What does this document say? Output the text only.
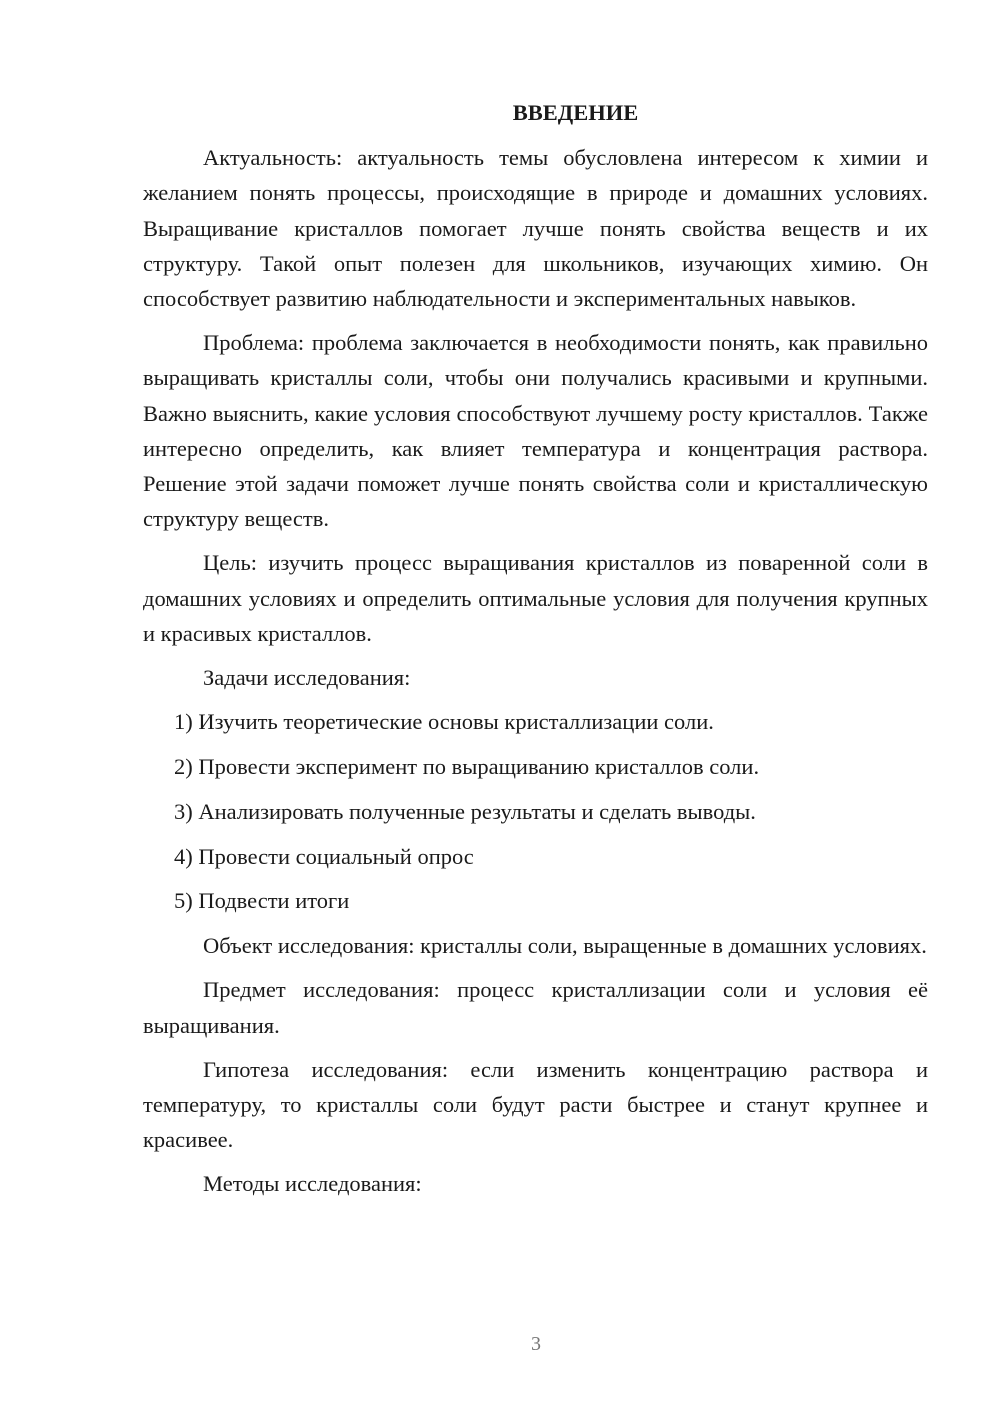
ВВЕДЕНИЕ

Актуальность: актуальность темы обусловлена интересом к химии и желанием понять процессы, происходящие в природе и домашних условиях. Выращивание кристаллов помогает лучше понять свойства веществ и их структуру. Такой опыт полезен для школьников, изучающих химию. Он способствует развитию наблюдательности и экспериментальных навыков.

Проблема: проблема заключается в необходимости понять, как правильно выращивать кристаллы соли, чтобы они получались красивыми и крупными. Важно выяснить, какие условия способствуют лучшему росту кристаллов. Также интересно определить, как влияет температура и концентрация раствора. Решение этой задачи поможет лучше понять свойства соли и кристаллическую структуру веществ.

Цель: изучить процесс выращивания кристаллов из поваренной соли в домашних условиях и определить оптимальные условия для получения крупных и красивых кристаллов.

Задачи исследования:

1) Изучить теоретические основы кристаллизации соли.

2) Провести эксперимент по выращиванию кристаллов соли.

3) Анализировать полученные результаты и сделать выводы.

4) Провести социальный опрос

5) Подвести итоги

Объект исследования: кристаллы соли, выращенные в домашних условиях.

Предмет исследования: процесс кристаллизации соли и условия её выращивания.

Гипотеза исследования: если изменить концентрацию раствора и температуру, то кристаллы соли будут расти быстрее и станут крупнее и красивее.

Методы исследования:

3
